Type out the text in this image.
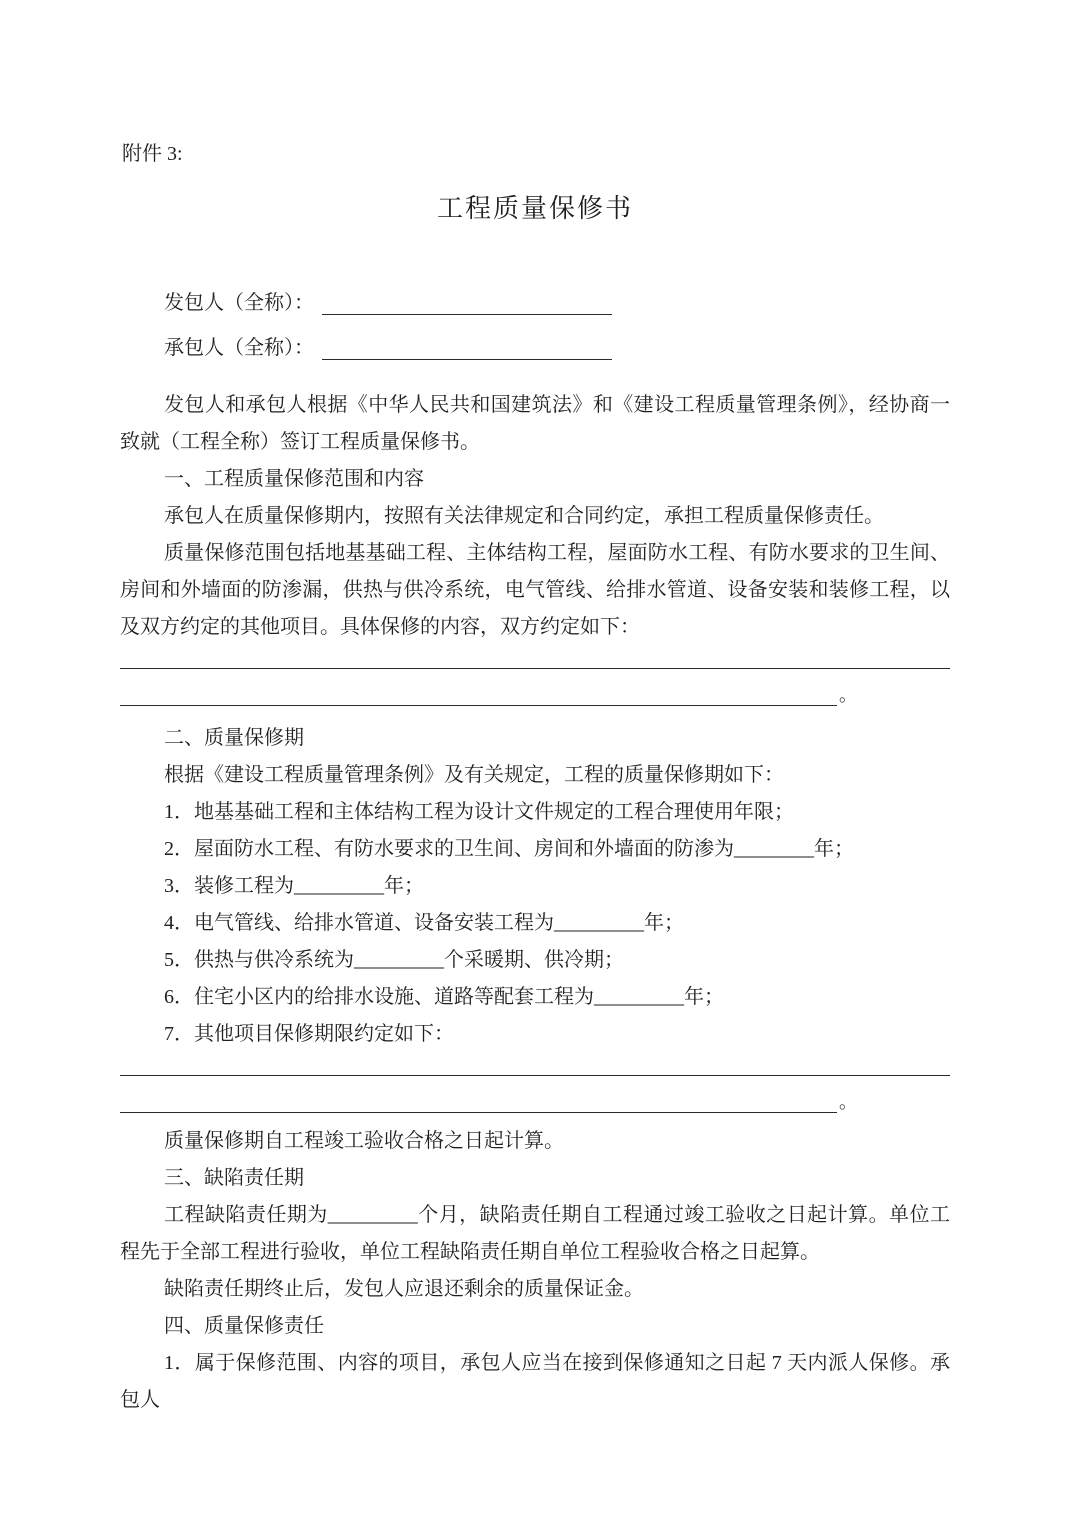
附件 3:
工程质量保修书
发包人（全称）：
承包人（全称）：
发包人和承包人根据《中华人民共和国建筑法》和《建设工程质量管理条例》，经协商一致就（工程全称）签订工程质量保修书。
一、工程质量保修范围和内容
承包人在质量保修期内，按照有关法律规定和合同约定，承担工程质量保修责任。
质量保修范围包括地基基础工程、主体结构工程，屋面防水工程、有防水要求的卫生间、房间和外墙面的防渗漏，供热与供冷系统，电气管线、给排水管道、设备安装和装修工程，以及双方约定的其他项目。具体保修的内容，双方约定如下：
。
二、质量保修期
根据《建设工程质量管理条例》及有关规定，工程的质量保修期如下：
1．地基基础工程和主体结构工程为设计文件规定的工程合理使用年限；
2．屋面防水工程、有防水要求的卫生间、房间和外墙面的防渗为________年；
3．装修工程为_________年；
4．电气管线、给排水管道、设备安装工程为_________年；
5．供热与供冷系统为_________个采暖期、供冷期；
6．住宅小区内的给排水设施、道路等配套工程为_________年；
7．其他项目保修期限约定如下：
。
质量保修期自工程竣工验收合格之日起计算。
三、缺陷责任期
工程缺陷责任期为_________个月，缺陷责任期自工程通过竣工验收之日起计算。单位工程先于全部工程进行验收，单位工程缺陷责任期自单位工程验收合格之日起算。
缺陷责任期终止后，发包人应退还剩余的质量保证金。
四、质量保修责任
1．属于保修范围、内容的项目，承包人应当在接到保修通知之日起 7 天内派人保修。承包人
